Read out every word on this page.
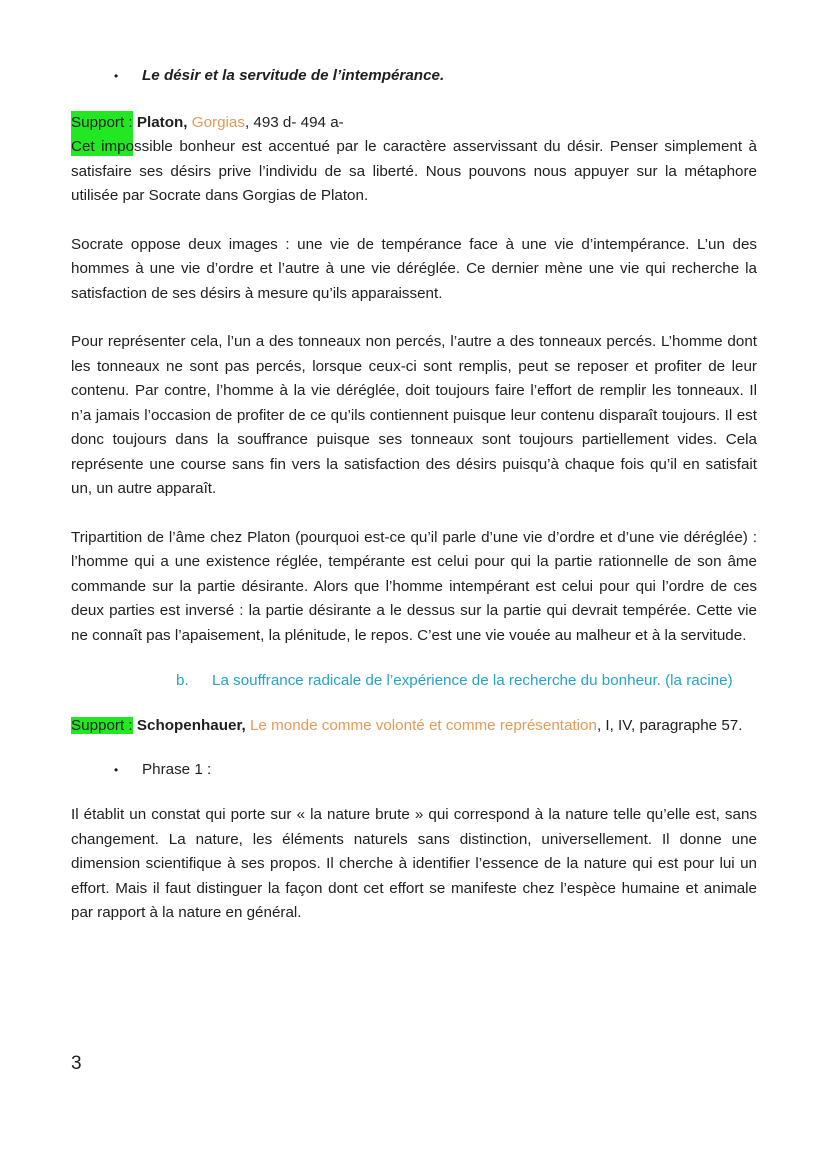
• Le désir et la servitude de l’intempérance.

Support : Platon, Gorgias, 493 d- 494 a-

Cet impossible bonheur est accentué par le caractère asservissant du désir. Penser simplement à satisfaire ses désirs prive l’individu de sa liberté. Nous pouvons nous appuyer sur la métaphore utilisée par Socrate dans Gorgias de Platon.

Socrate oppose deux images : une vie de tempérance face à une vie d’intempérance. L’un des hommes à une vie d’ordre et l’autre à une vie déréglée. Ce dernier mène une vie qui recherche la satisfaction de ses désirs à mesure qu’ils apparaissent.

Pour représenter cela, l’un a des tonneaux non percés, l’autre a des tonneaux percés. L’homme dont les tonneaux ne sont pas percés, lorsque ceux-ci sont remplis, peut se reposer et profiter de leur contenu. Par contre, l’homme à la vie déréglée, doit toujours faire l’effort de remplir les tonneaux. Il n’a jamais l’occasion de profiter de ce qu’ils contiennent puisque leur contenu disparaît toujours. Il est donc toujours dans la souffrance puisque ses tonneaux sont toujours partiellement vides. Cela représente une course sans fin vers la satisfaction des désirs puisqu’à chaque fois qu’il en satisfait un, un autre apparaît.

Tripartition de l’âme chez Platon (pourquoi est-ce qu’il parle d’une vie d’ordre et d’une vie déréglée) : l’homme qui a une existence réglée, tempérante est celui pour qui la partie rationnelle de son âme commande sur la partie désirante. Alors que l’homme intempérant est celui pour qui l’ordre de ces deux parties est inversé : la partie désirante a le dessus sur la partie qui devrait tempérée. Cette vie ne connaît pas l’apaisement, la plénitude, le repos. C’est une vie vouée au malheur et à la servitude.

b. La souffrance radicale de l’expérience de la recherche du bonheur. (la racine)

Support : Schopenhauer, Le monde comme volonté et comme représentation, I, IV, paragraphe 57.

• Phrase 1 :

Il établit un constat qui porte sur « la nature brute » qui correspond à la nature telle qu’elle est, sans changement. La nature, les éléments naturels sans distinction, universellement. Il donne une dimension scientifique à ses propos. Il cherche à identifier l’essence de la nature qui est pour lui un effort. Mais il faut distinguer la façon dont cet effort se manifeste chez l’espèce humaine et animale par rapport à la nature en général.

3
